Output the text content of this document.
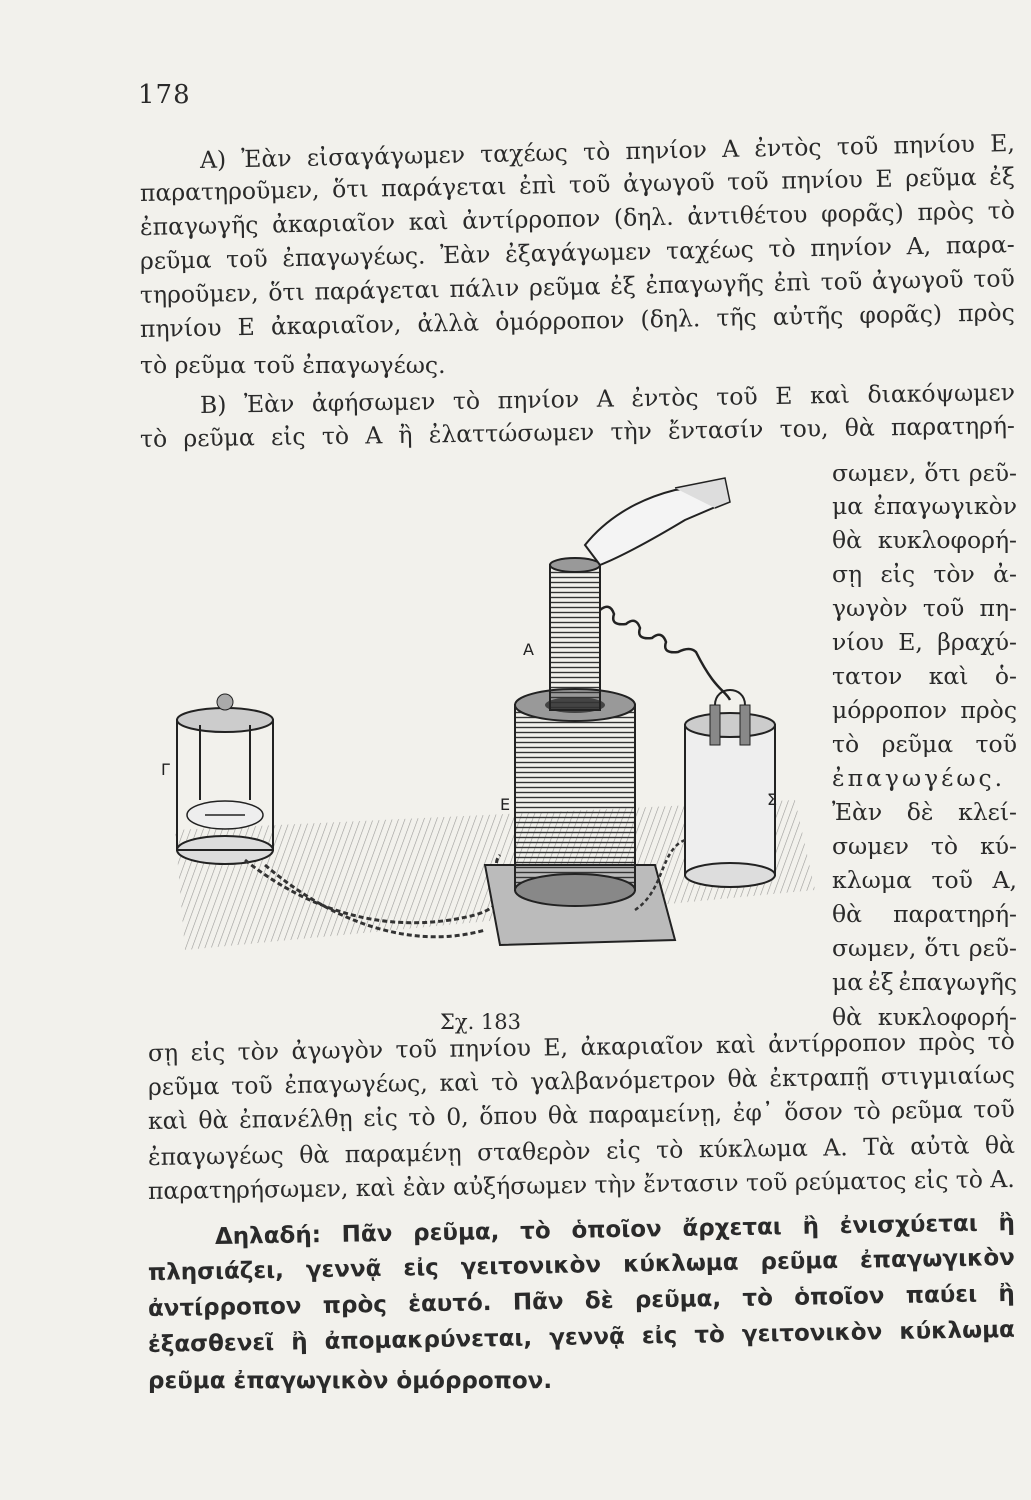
178
A) Ἐὰν εἰσαγάγωμεν ταχέως τὸ πηνίον A ἐντὸς τοῦ πηνίου E,
παρατηροῦμεν, ὅτι παράγεται ἐπὶ τοῦ ἀγωγοῦ τοῦ πηνίου E ρεῦμα ἐξ
ἐπαγωγῆς ἀκαριαῖον καὶ ἀντίρροπον (δηλ. ἀντιθέτου φορᾶς) πρὸς τὸ
ρεῦμα τοῦ ἐπαγωγέως. Ἐὰν ἐξαγάγωμεν ταχέως τὸ πηνίον A, παρα-
τηροῦμεν, ὅτι παράγεται πάλιν ρεῦμα ἐξ ἐπαγωγῆς ἐπὶ τοῦ ἀγωγοῦ τοῦ
πηνίου E ἀκαριαῖον, ἀλλὰ ὁμόρροπον (δηλ. τῆς αὐτῆς φορᾶς) πρὸς
τὸ ρεῦμα τοῦ ἐπαγωγέως.
B) Ἐὰν ἀφήσωμεν τὸ πηνίον A ἐντὸς τοῦ E καὶ διακόψωμεν
τὸ ρεῦμα εἰς τὸ A ἢ ἐλαττώσωμεν τὴν ἔντασίν του, θὰ παρατηρή-
σωμεν, ὅτι ρεῦ-
μα ἐπαγωγικὸν
θὰ κυκλοφορή-
σῃ εἰς τὸν ἀ-
γωγὸν τοῦ πη-
νίου E, βραχύ-
τατον καὶ ὁ-
μόρροπον πρὸς
τὸ ρεῦμα τοῦ
ἐπαγωγέως.
Ἐὰν δὲ κλεί-
σωμεν τὸ κύ-
κλωμα τοῦ A,
θὰ παρατηρή-
σωμεν, ὅτι ρεῦ-
μα ἐξ ἐπαγωγῆς
θὰ κυκλοφορή-
Γ
E
A
Σ
Σχ. 183
σῃ εἰς τὸν ἀγωγὸν τοῦ πηνίου E, ἀκαριαῖον καὶ ἀντίρροπον πρὸς τὸ
ρεῦμα τοῦ ἐπαγωγέως, καὶ τὸ γαλβανόμετρον θὰ ἐκτραπῇ στιγμιαίως
καὶ θὰ ἐπανέλθῃ εἰς τὸ 0, ὅπου θὰ παραμείνῃ, ἐφ᾽ ὅσον τὸ ρεῦμα τοῦ
ἐπαγωγέως θὰ παραμένῃ σταθερὸν εἰς τὸ κύκλωμα A. Τὰ αὐτὰ θὰ
παρατηρήσωμεν, καὶ ἐὰν αὐξήσωμεν τὴν ἔντασιν τοῦ ρεύματος εἰς τὸ A.
Δηλαδή: Πᾶν ρεῦμα, τὸ ὁποῖον ἄρχεται ἢ ἐνισχύεται ἢ
πλησιάζει, γεννᾷ εἰς γειτονικὸν κύκλωμα ρεῦμα ἐπαγωγικὸν
ἀντίρροπον πρὸς ἑαυτό. Πᾶν δὲ ρεῦμα, τὸ ὁποῖον παύει ἢ
ἐξασθενεῖ ἢ ἀπομακρύνεται, γεννᾷ εἰς τὸ γειτονικὸν κύκλωμα
ρεῦμα ἐπαγωγικὸν ὁμόρροπον.
